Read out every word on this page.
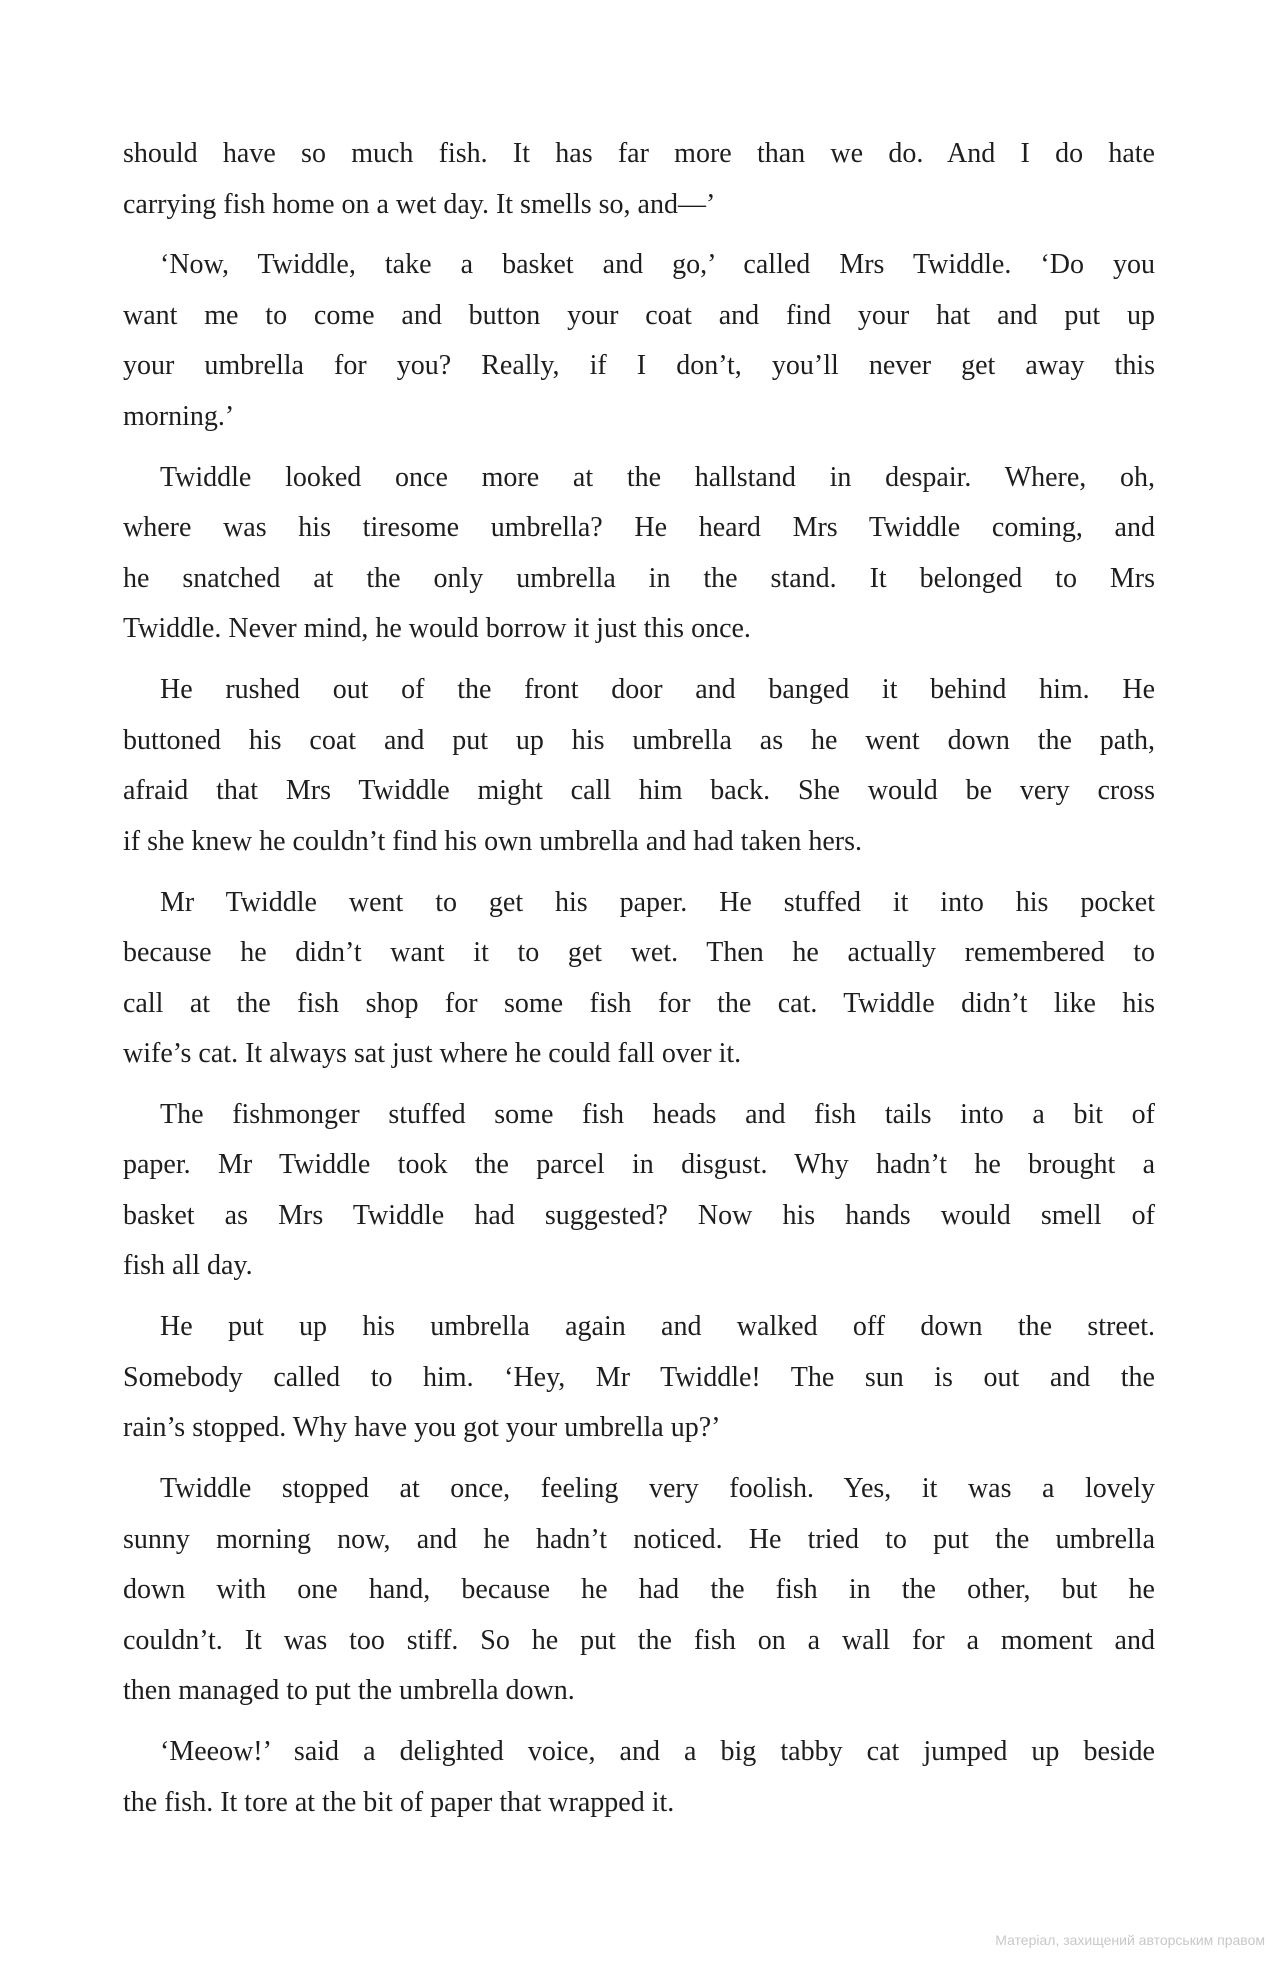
should have so much fish. It has far more than we do. And I do hate
carrying fish home on a wet day. It smells so, and—’

‘Now, Twiddle, take a basket and go,’ called Mrs Twiddle. ‘Do you
want me to come and button your coat and find your hat and put up
your umbrella for you? Really, if I don’t, you’ll never get away this
morning.’

Twiddle looked once more at the hallstand in despair. Where, oh,
where was his tiresome umbrella? He heard Mrs Twiddle coming, and
he snatched at the only umbrella in the stand. It belonged to Mrs
Twiddle. Never mind, he would borrow it just this once.

He rushed out of the front door and banged it behind him. He
buttoned his coat and put up his umbrella as he went down the path,
afraid that Mrs Twiddle might call him back. She would be very cross
if she knew he couldn’t find his own umbrella and had taken hers.

Mr Twiddle went to get his paper. He stuffed it into his pocket
because he didn’t want it to get wet. Then he actually remembered to
call at the fish shop for some fish for the cat. Twiddle didn’t like his
wife’s cat. It always sat just where he could fall over it.

The fishmonger stuffed some fish heads and fish tails into a bit of
paper. Mr Twiddle took the parcel in disgust. Why hadn’t he brought a
basket as Mrs Twiddle had suggested? Now his hands would smell of
fish all day.

He put up his umbrella again and walked off down the street.
Somebody called to him. ‘Hey, Mr Twiddle! The sun is out and the
rain’s stopped. Why have you got your umbrella up?’

Twiddle stopped at once, feeling very foolish. Yes, it was a lovely
sunny morning now, and he hadn’t noticed. He tried to put the umbrella
down with one hand, because he had the fish in the other, but he
couldn’t. It was too stiff. So he put the fish on a wall for a moment and
then managed to put the umbrella down.

‘Meeow!’ said a delighted voice, and a big tabby cat jumped up beside
the fish. It tore at the bit of paper that wrapped it.

Матеріал, захищений авторським правом
